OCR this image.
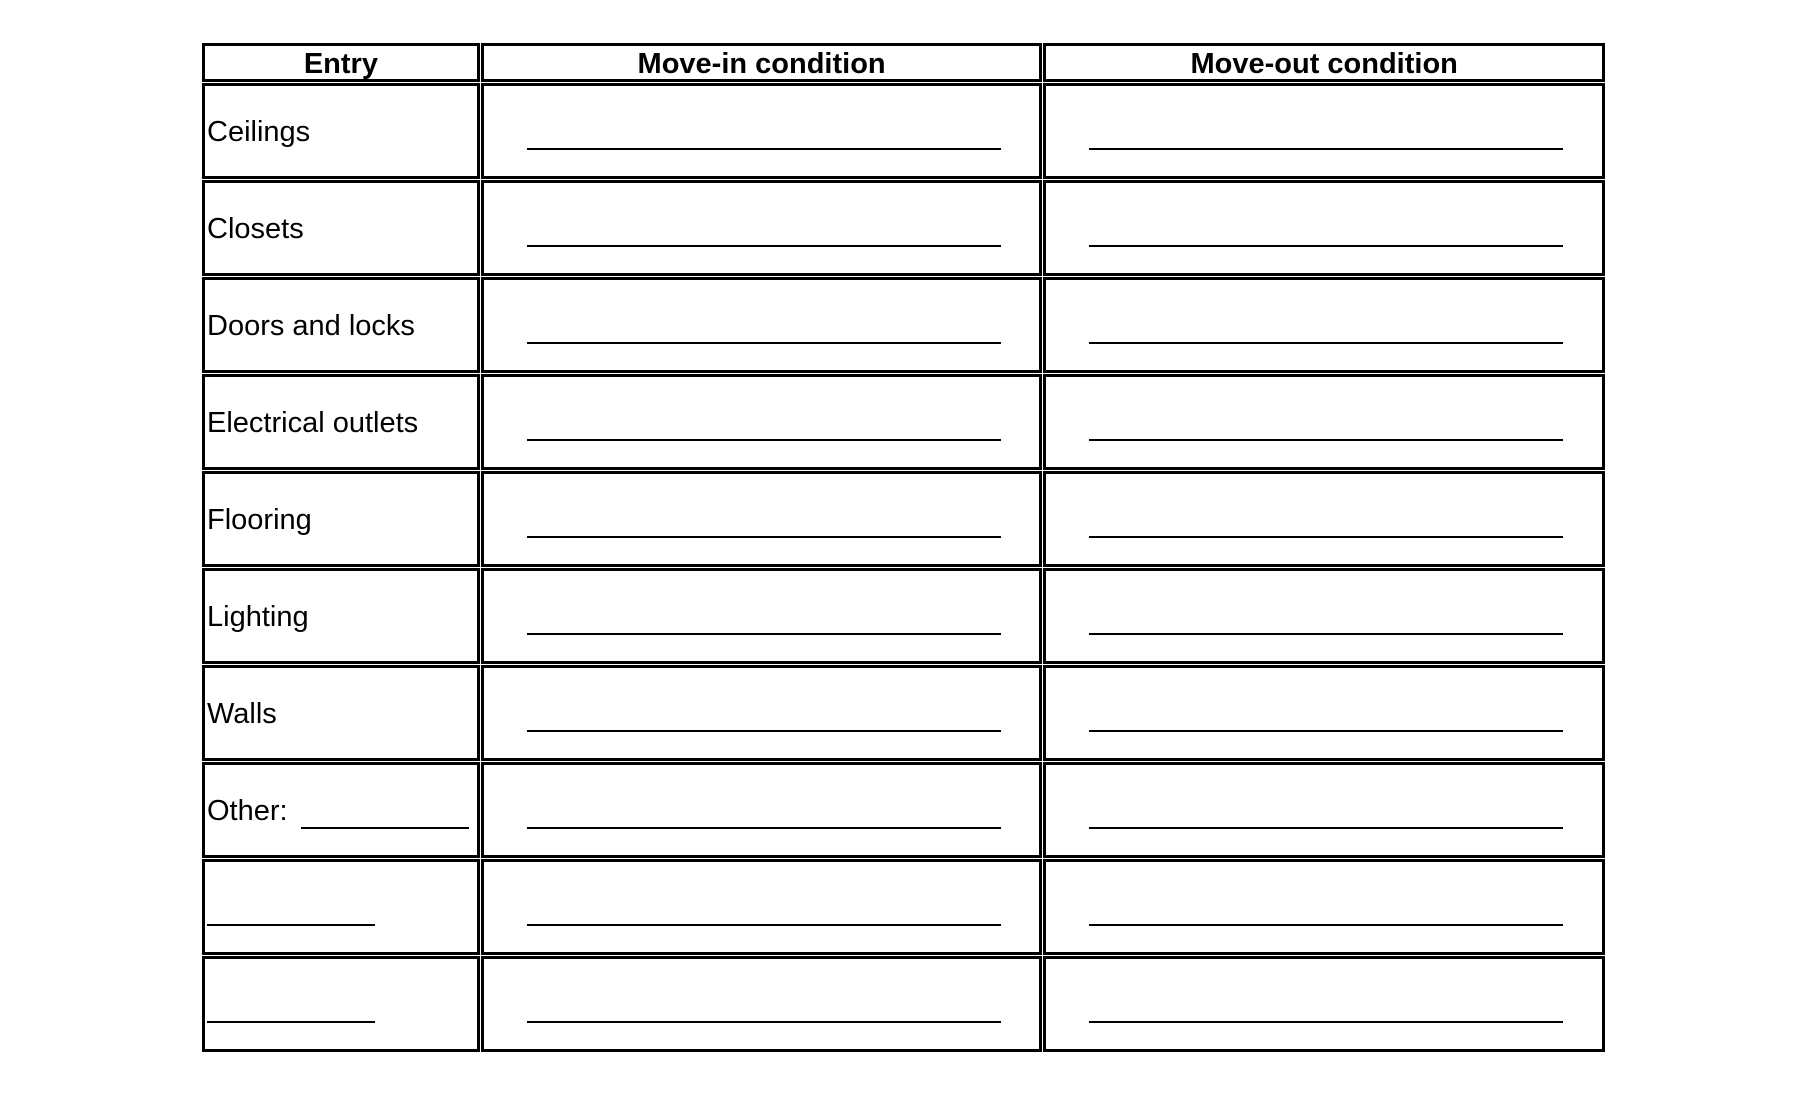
Entry	Move-in condition	Move-out condition
Ceilings
Closets
Doors and locks
Electrical outlets
Flooring
Lighting
Walls
Other:
